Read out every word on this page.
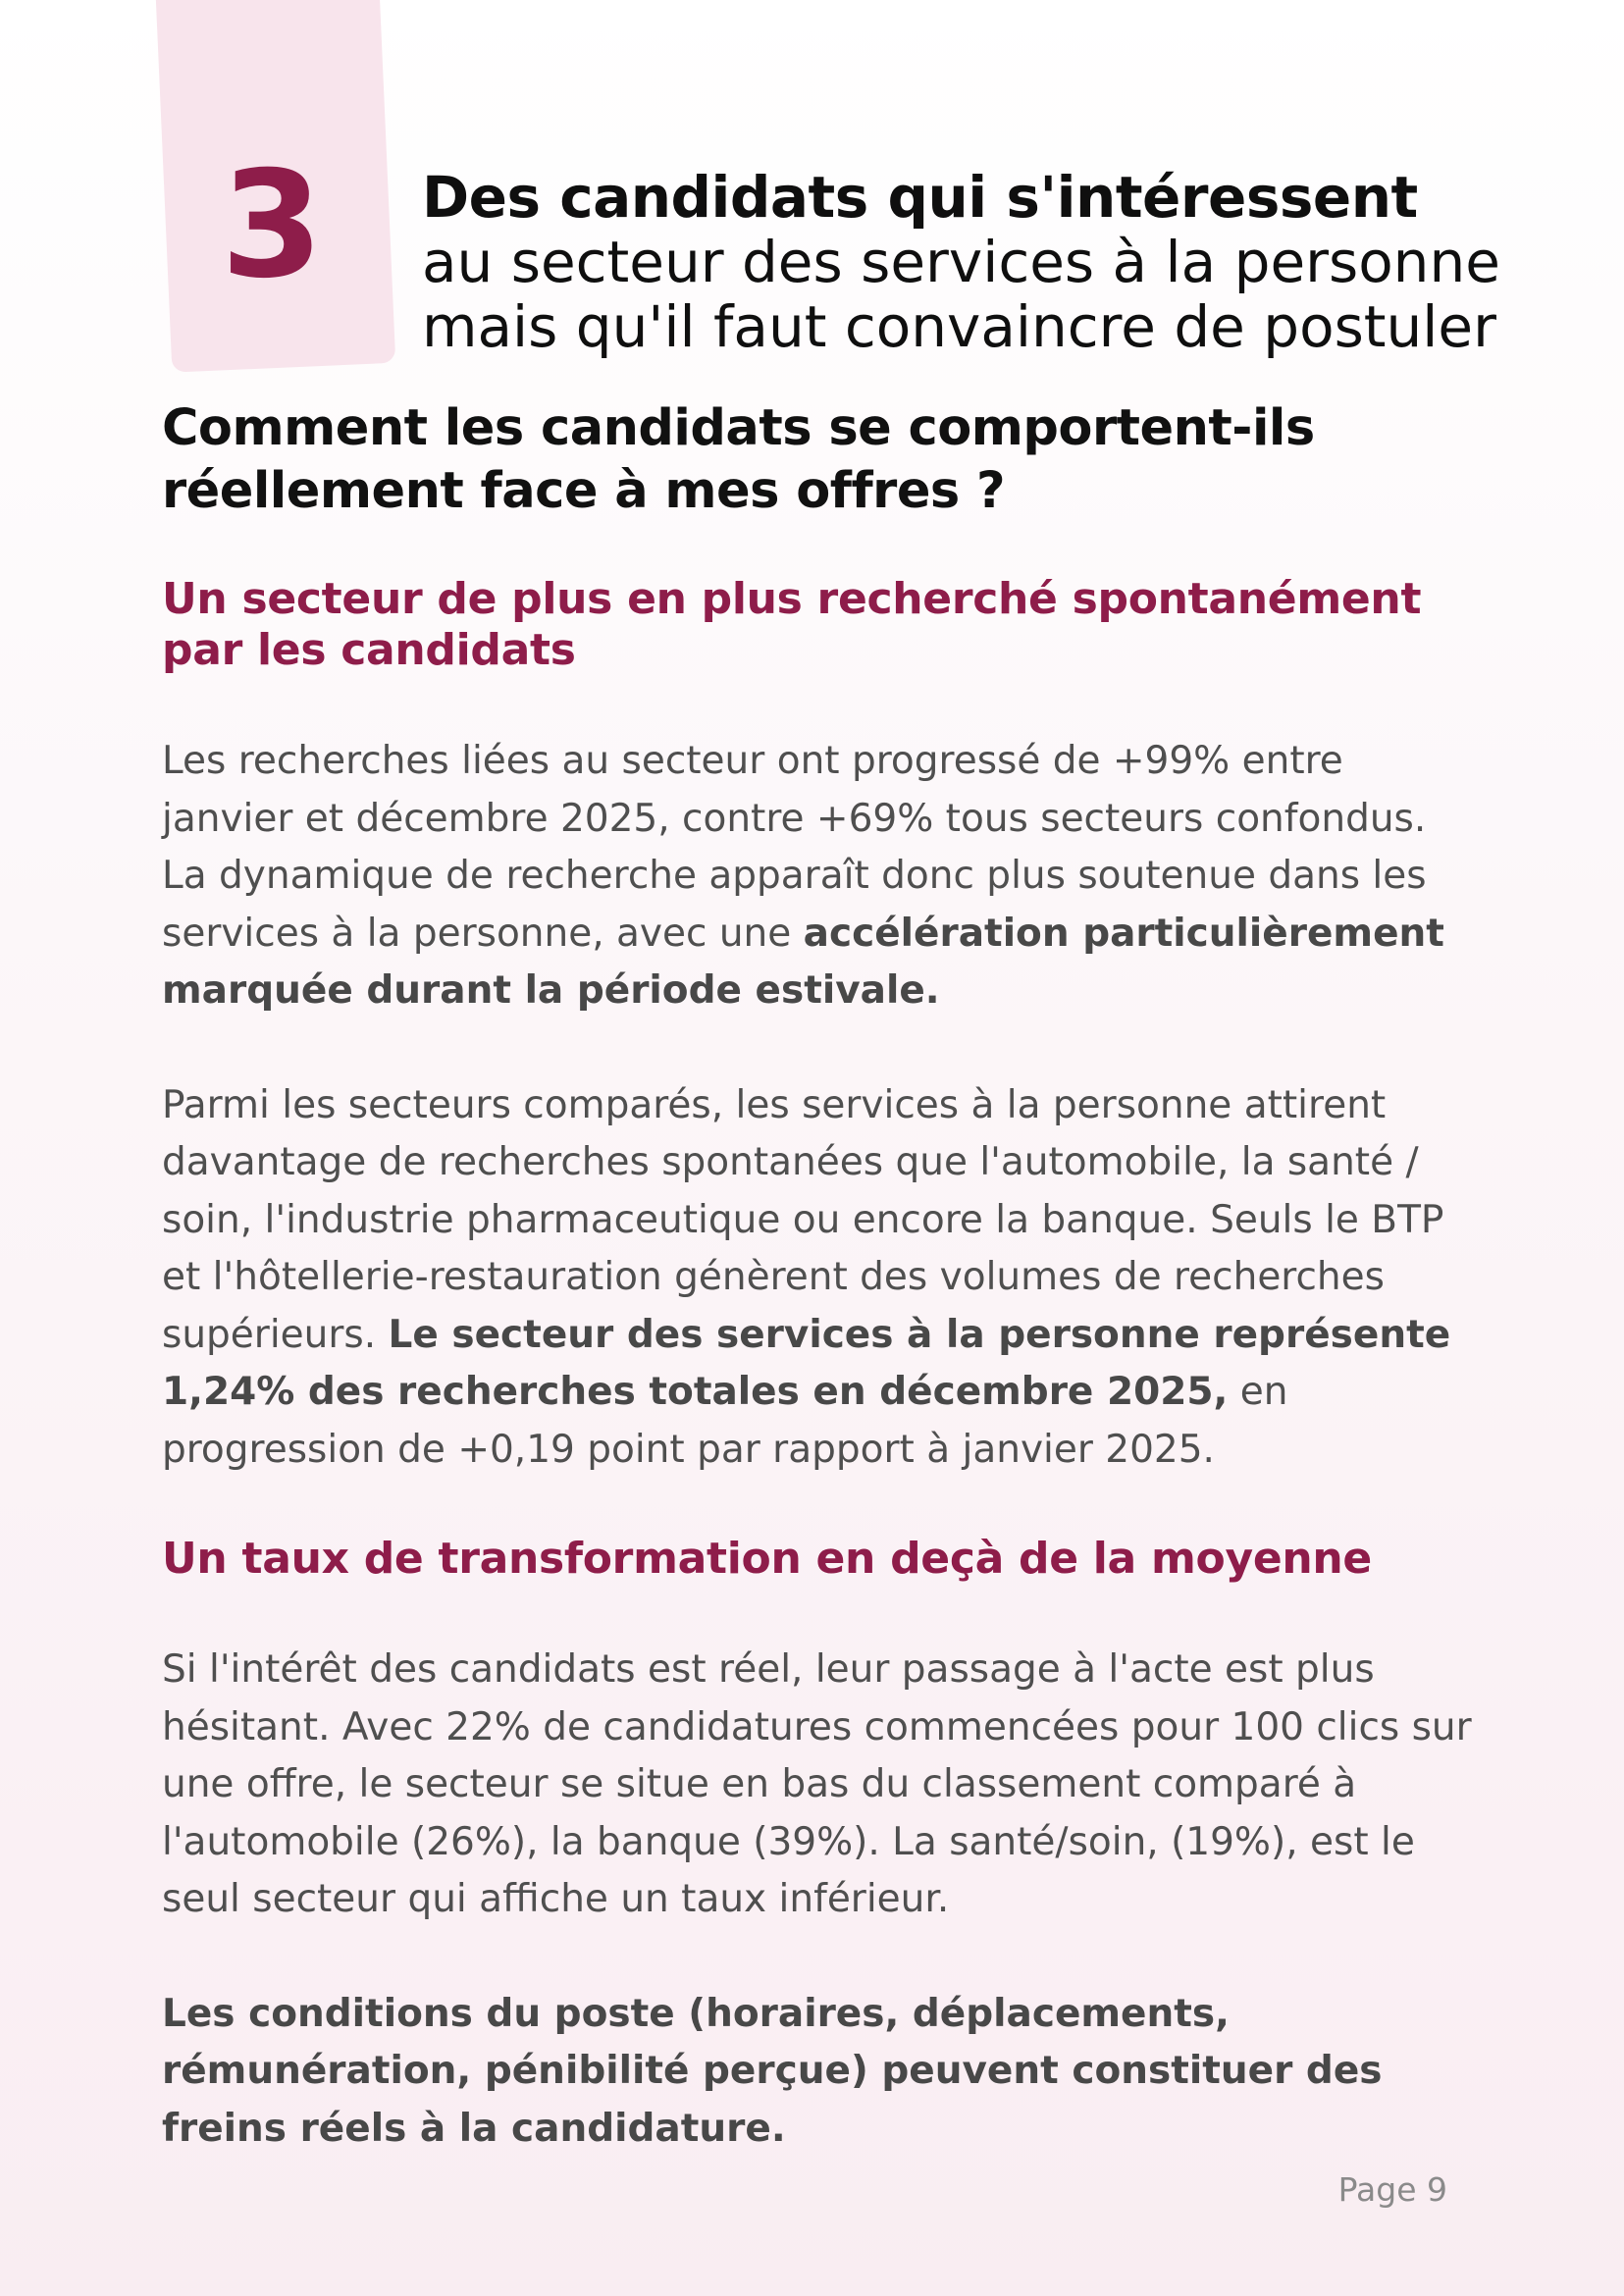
3 Des candidats qui s'intéressent
au secteur des services à la personne
mais qu'il faut convaincre de postuler
Comment les candidats se comportent-ils
réellement face à mes offres ?
Un secteur de plus en plus recherché spontanément par les candidats

Les recherches liées au secteur ont progressé de +99% entre janvier et décembre 2025, contre +69% tous secteurs confondus. La dynamique de recherche apparaît donc plus soutenue dans les services à la personne, avec une accélération particulièrement marquée durant la période estivale.

Parmi les secteurs comparés, les services à la personne attirent davantage de recherches spontanées que l'automobile, la santé / soin, l'industrie pharmaceutique ou encore la banque. Seuls le BTP et l'hôtellerie-restauration génèrent des volumes de recherches supérieurs. Le secteur des services à la personne représente 1,24% des recherches totales en décembre 2025, en progression de +0,19 point par rapport à janvier 2025.

Un taux de transformation en deçà de la moyenne

Si l'intérêt des candidats est réel, leur passage à l'acte est plus hésitant. Avec 22% de candidatures commencées pour 100 clics sur une offre, le secteur se situe en bas du classement comparé à l'automobile (26%), la banque (39%). La santé/soin, (19%), est le seul secteur qui affiche un taux inférieur.

Les conditions du poste (horaires, déplacements, rémunération, pénibilité perçue) peuvent constituer des freins réels à la candidature.

Page 9
